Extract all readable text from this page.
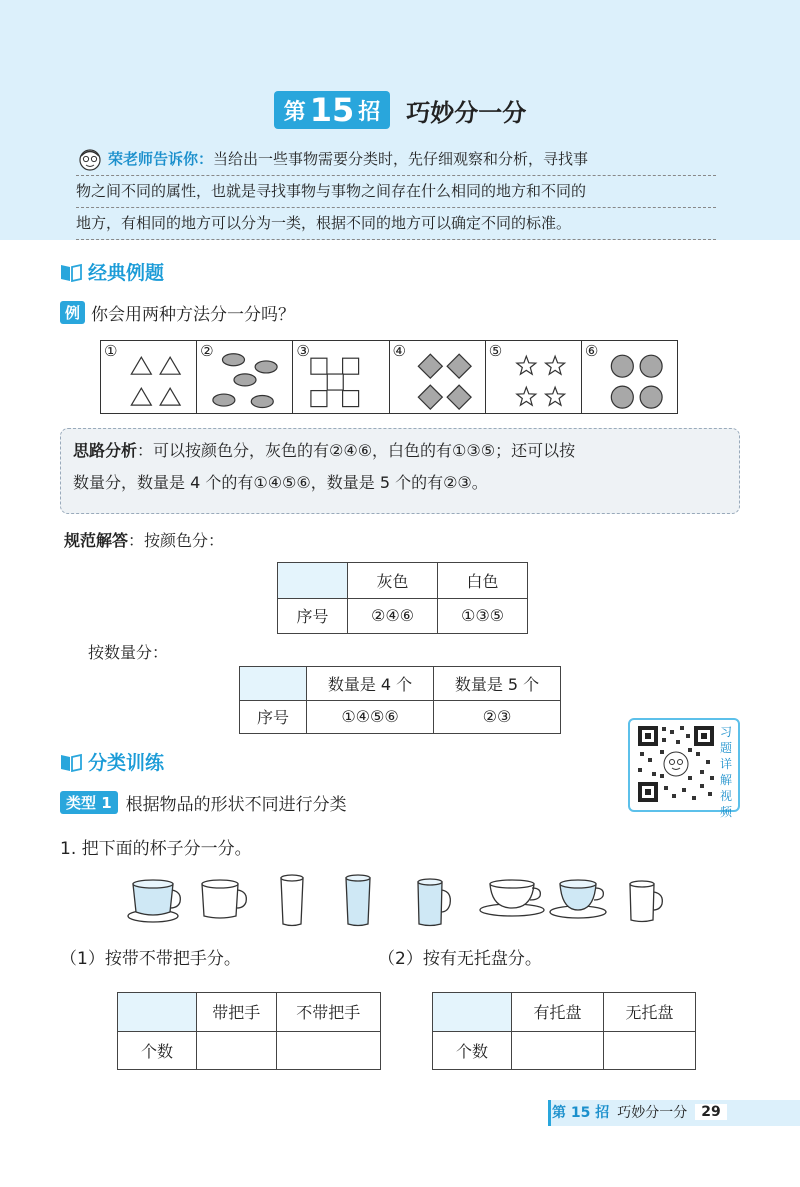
第 15 招 巧妙分一分
荣老师告诉你：当给出一些事物需要分类时，先仔细观察和分析，寻找事
物之间不同的属性，也就是寻找事物与事物之间存在什么相同的地方和不同的
地方，有相同的地方可以分为一类，根据不同的地方可以确定不同的标准。
经典例题
例 你会用两种方法分一分吗？
①	②	③	④	⑤	⑥
思路分析：可以按颜色分，灰色的有②④⑥，白色的有①③⑤；还可以按
数量分，数量是 4 个的有①④⑤⑥，数量是 5 个的有②③。
规范解答：按颜色分：
	灰色	白色
序号	②④⑥	①③⑤
按数量分：
	数量是 4 个	数量是 5 个
序号	①④⑤⑥	②③
习题详解视频
分类训练
类型 1 根据物品的形状不同进行分类
1. 把下面的杯子分一分。
（1）按带不带把手分。	（2）按有无托盘分。
	带把手	不带把手
个数		
	有托盘	无托盘
个数		
第 15 招 巧妙分一分	29
